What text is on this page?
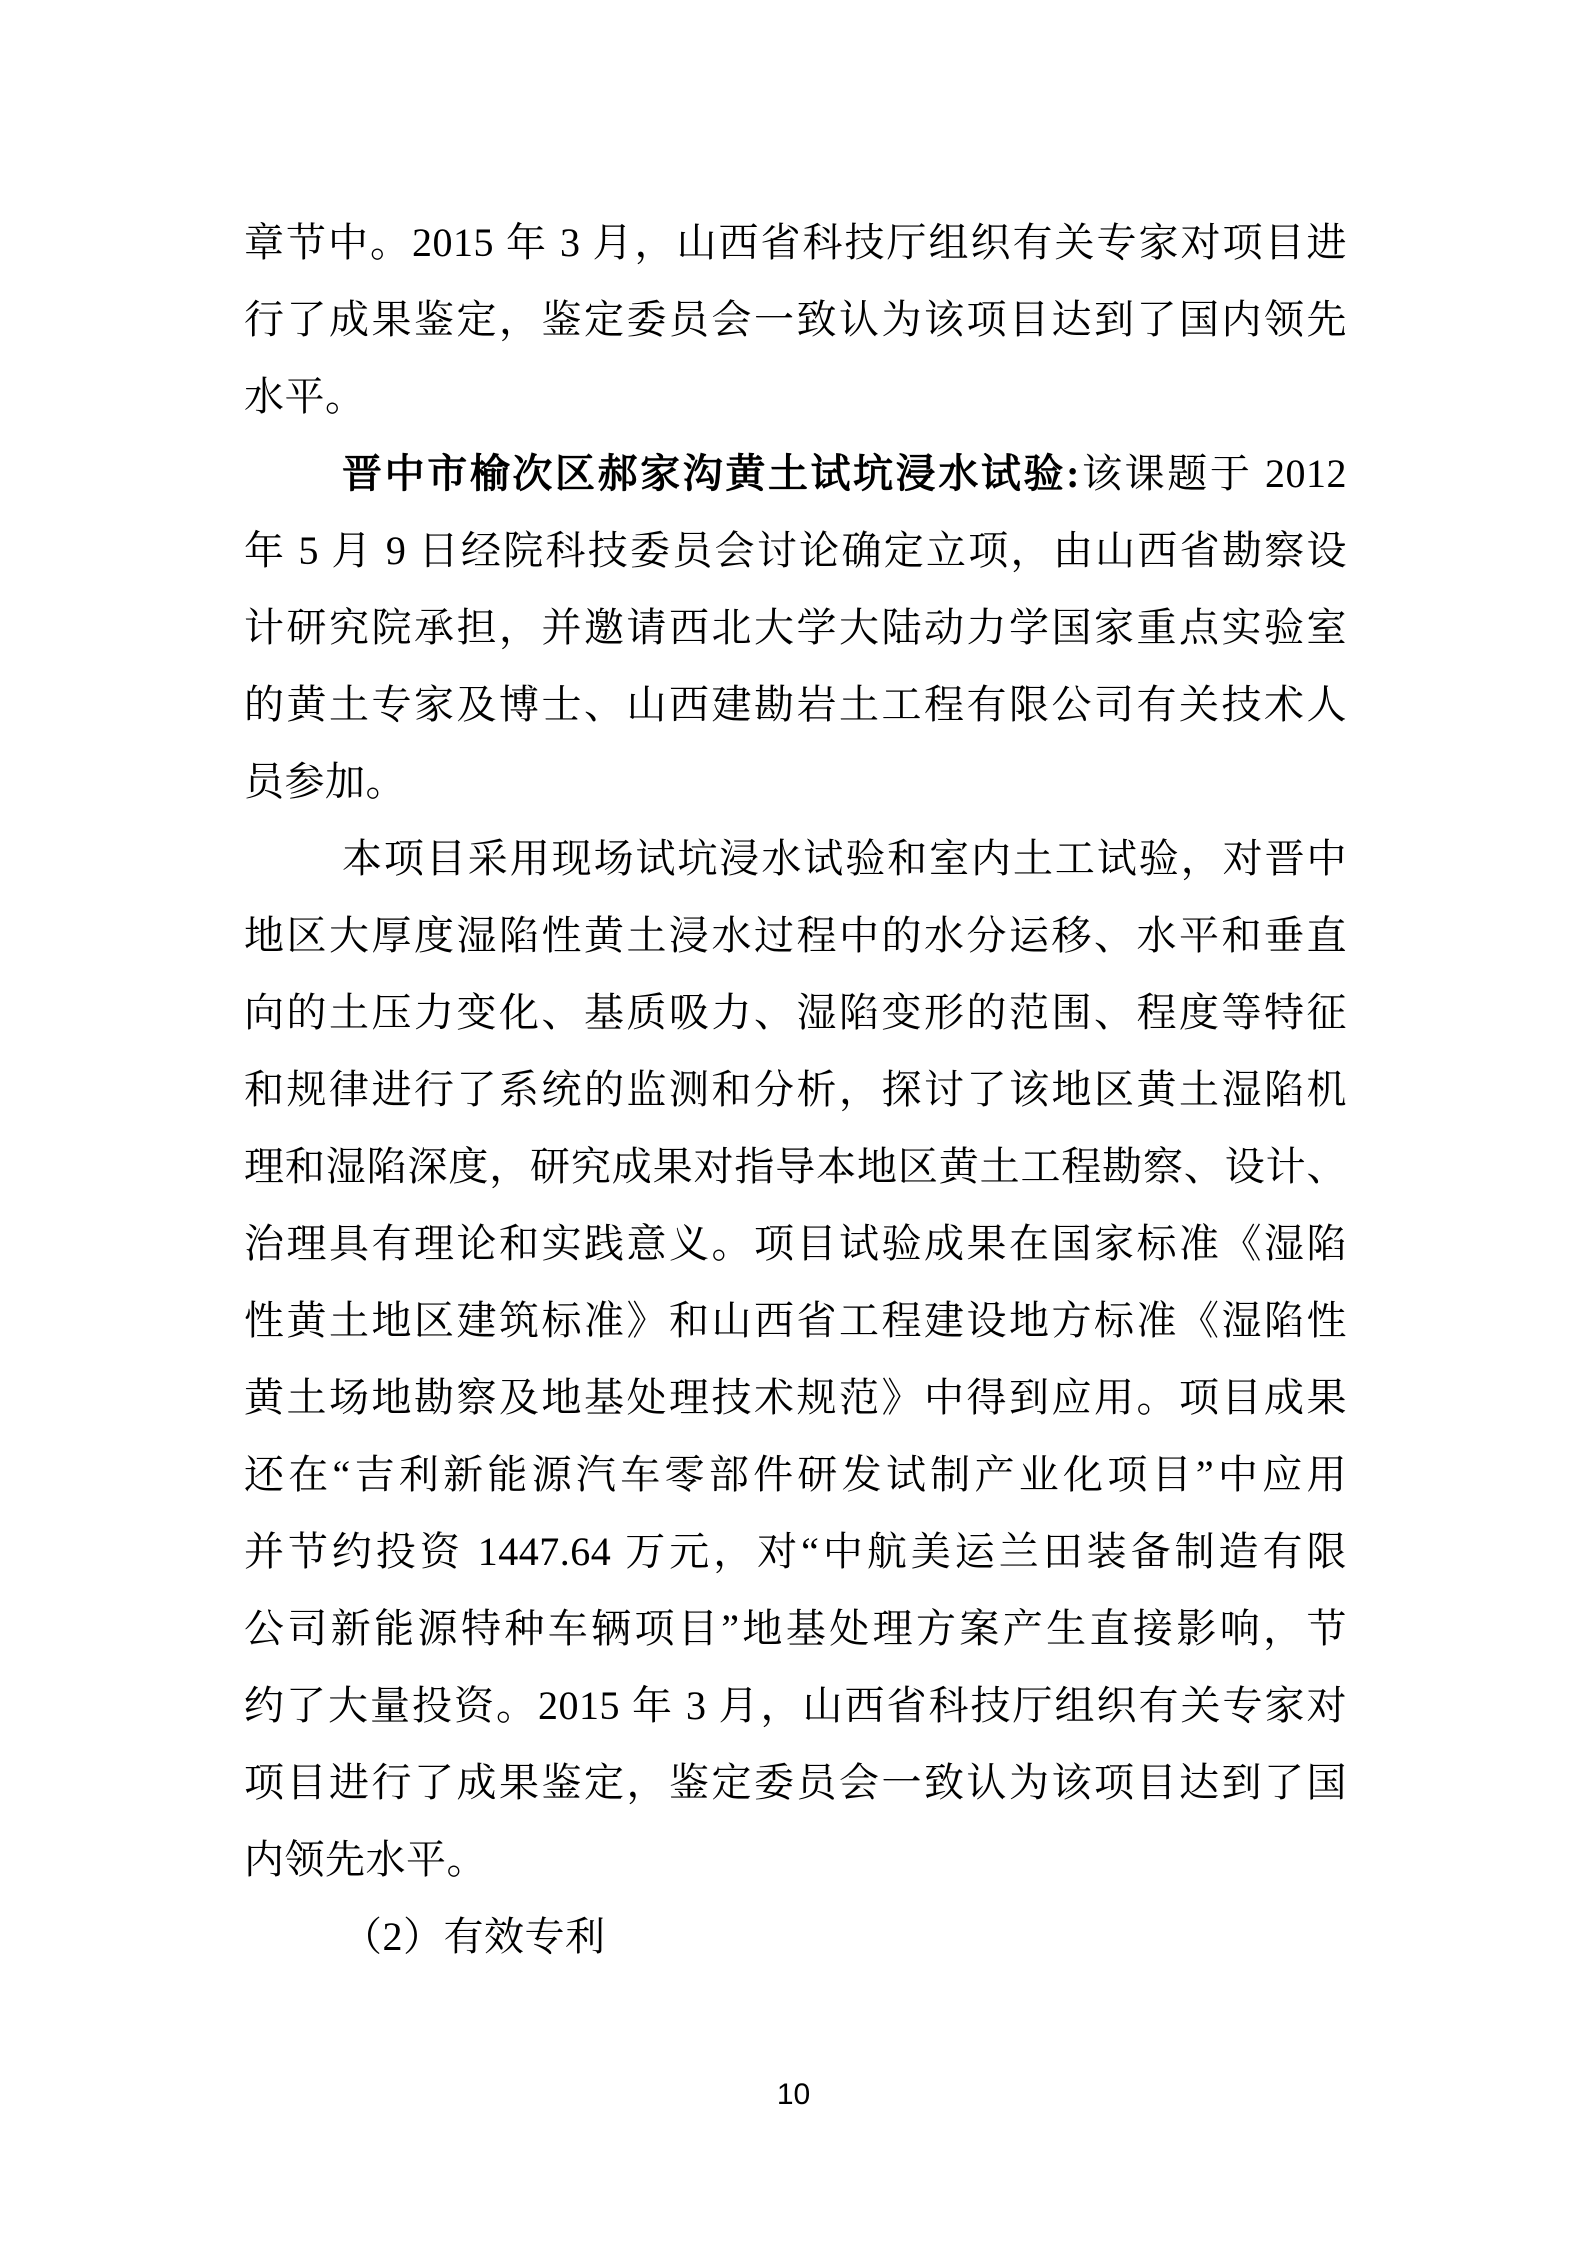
章节中。2015 年 3 月，山西省科技厅组织有关专家对项目进
行了成果鉴定，鉴定委员会一致认为该项目达到了国内领先
水平。
晋中市榆次区郝家沟黄土试坑浸水试验:该课题于 2012
年 5 月 9 日经院科技委员会讨论确定立项，由山西省勘察设
计研究院承担，并邀请西北大学大陆动力学国家重点实验室
的黄土专家及博士、山西建勘岩土工程有限公司有关技术人
员参加。
本项目采用现场试坑浸水试验和室内土工试验，对晋中
地区大厚度湿陷性黄土浸水过程中的水分运移、水平和垂直
向的土压力变化、基质吸力、湿陷变形的范围、程度等特征
和规律进行了系统的监测和分析，探讨了该地区黄土湿陷机
理和湿陷深度，研究成果对指导本地区黄土工程勘察、设计、
治理具有理论和实践意义。项目试验成果在国家标准《湿陷
性黄土地区建筑标准》和山西省工程建设地方标准《湿陷性
黄土场地勘察及地基处理技术规范》中得到应用。项目成果
还在“吉利新能源汽车零部件研发试制产业化项目”中应用
并节约投资 1447.64 万元，对“中航美运兰田装备制造有限
公司新能源特种车辆项目”地基处理方案产生直接影响，节
约了大量投资。2015 年 3 月，山西省科技厅组织有关专家对
项目进行了成果鉴定，鉴定委员会一致认为该项目达到了国
内领先水平。
（2）有效专利
10
